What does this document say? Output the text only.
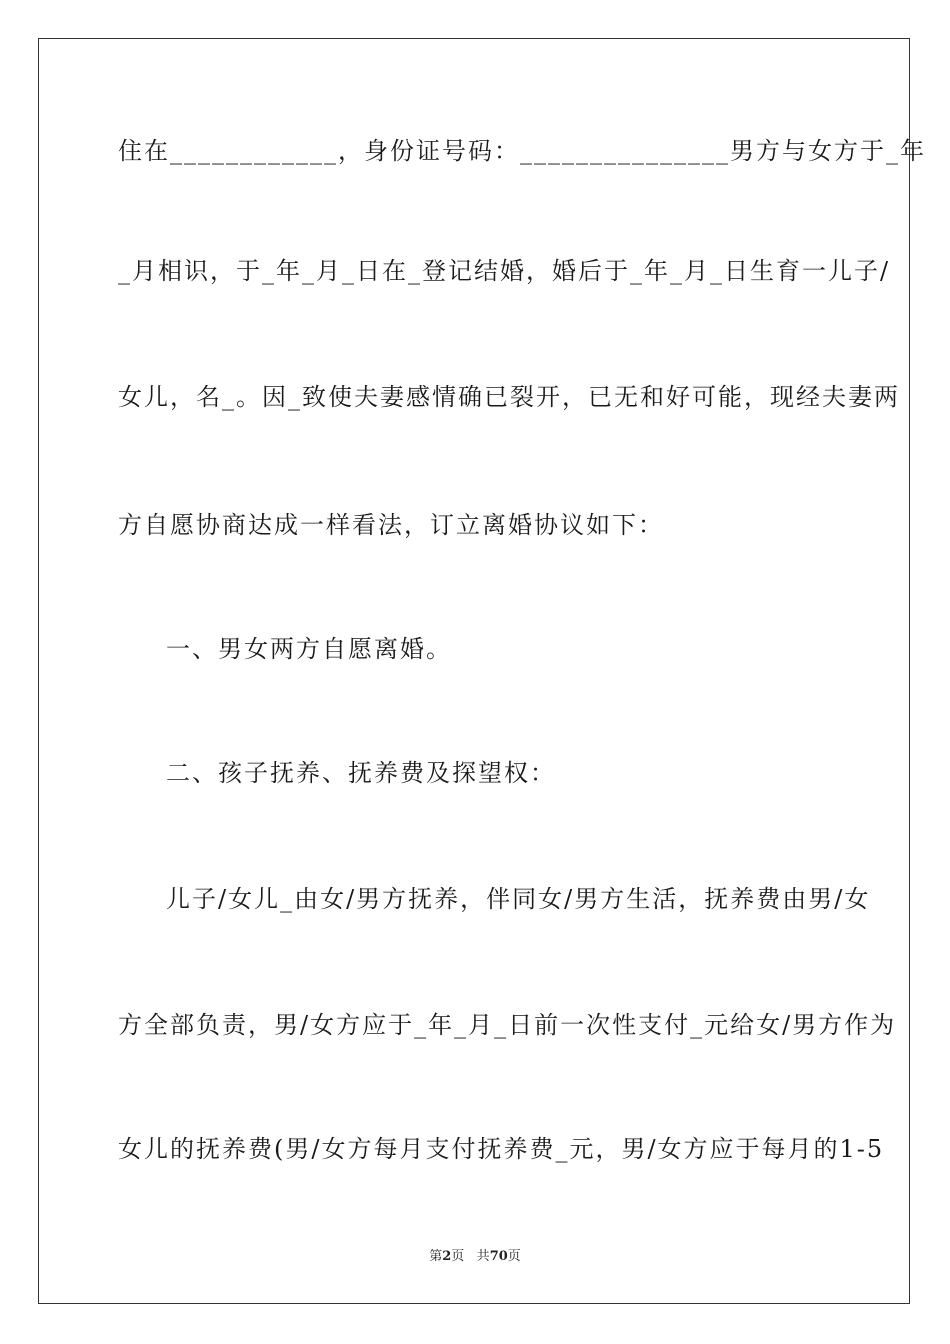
住在____________，身份证号码：_______________男方与女方于_年
_月相识，于_年_月_日在_登记结婚，婚后于_年_月_日生育一儿子/
女儿，名_。因_致使夫妻感情确已裂开，已无和好可能，现经夫妻两
方自愿协商达成一样看法，订立离婚协议如下：
一、男女两方自愿离婚。
二、孩子抚养、抚养费及探望权：
儿子/女儿_由女/男方抚养，伴同女/男方生活，抚养费由男/女
方全部负责，男/女方应于_年_月_日前一次性支付_元给女/男方作为
女儿的抚养费(男/女方每月支付抚养费_元，男/女方应于每月的1-5
第2页 共70页
